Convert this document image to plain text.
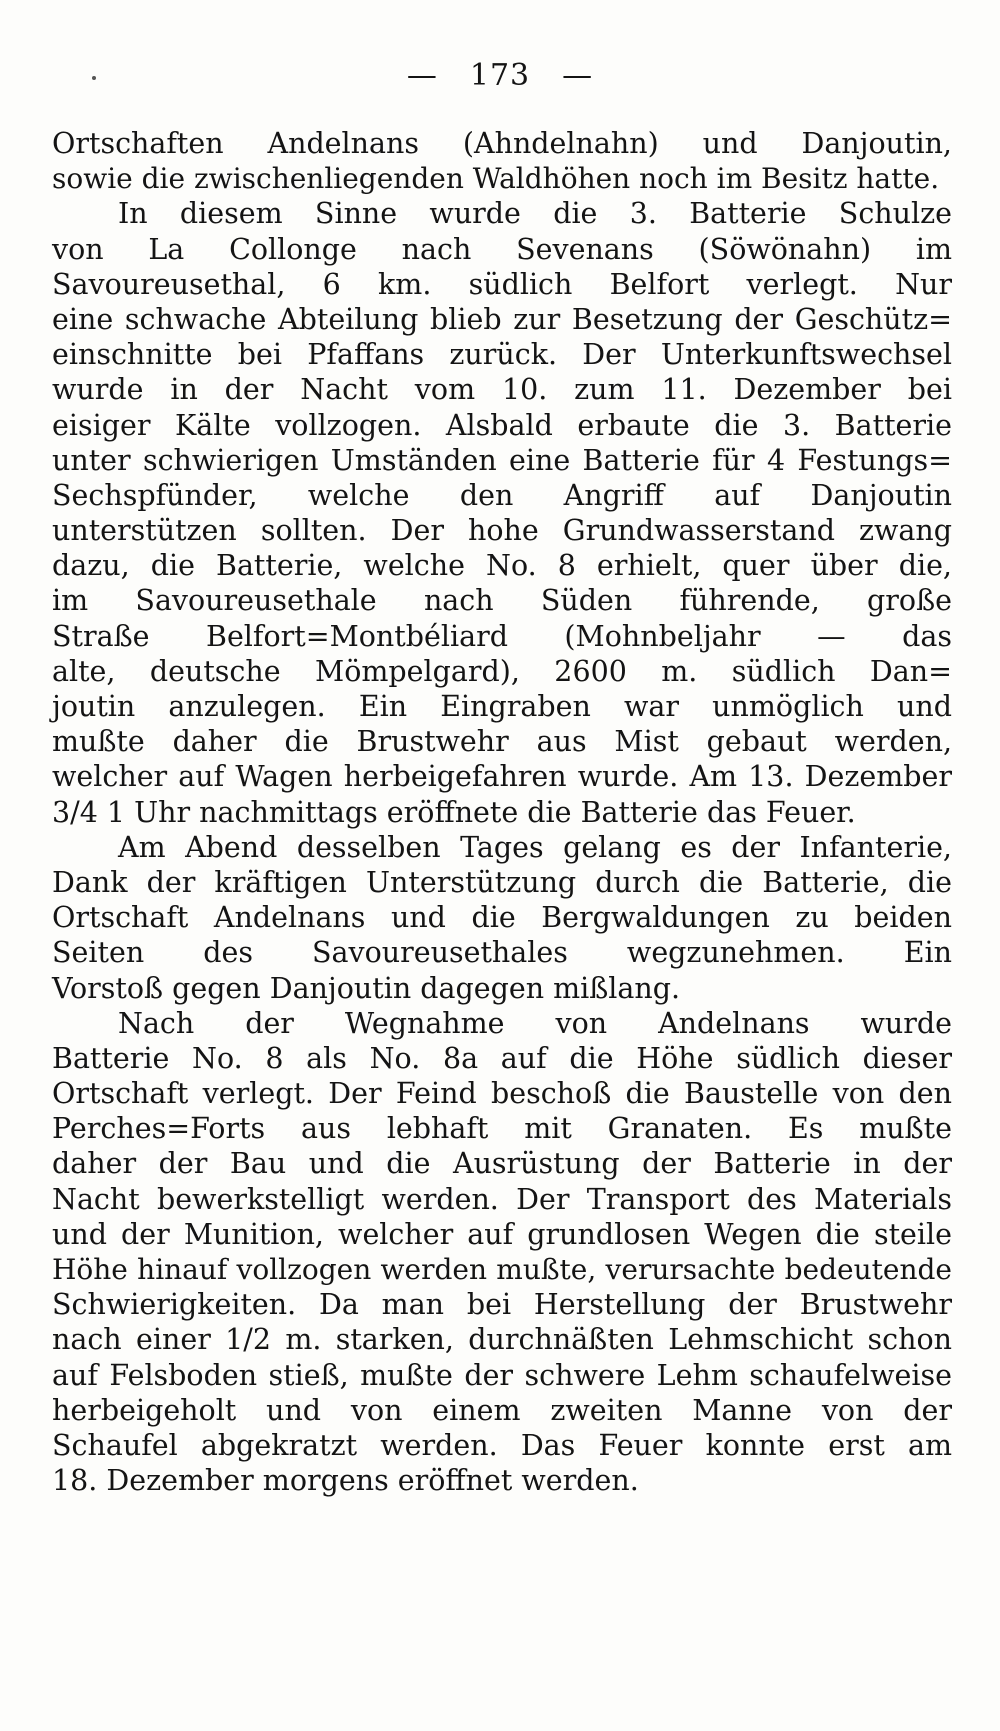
— 173 —
Ortschaften Andelnans (Ahndelnahn) und Danjoutin,
sowie die zwischenliegenden Waldhöhen noch im Besitz hatte.
In diesem Sinne wurde die 3. Batterie Schulze
von La Collonge nach Sevenans (Söwönahn) im
Savoureusethal, 6 km. südlich Belfort verlegt. Nur
eine schwache Abteilung blieb zur Besetzung der Geschütz=
einschnitte bei Pfaffans zurück. Der Unterkunftswechsel
wurde in der Nacht vom 10. zum 11. Dezember bei
eisiger Kälte vollzogen. Alsbald erbaute die 3. Batterie
unter schwierigen Umständen eine Batterie für 4 Festungs=
Sechspfünder, welche den Angriff auf Danjoutin
unterstützen sollten. Der hohe Grundwasserstand zwang
dazu, die Batterie, welche No. 8 erhielt, quer über die,
im Savoureusethale nach Süden führende, große
Straße Belfort=Montbéliard (Mohnbeljahr — das
alte, deutsche Mömpelgard), 2600 m. südlich Dan=
joutin anzulegen. Ein Eingraben war unmöglich und
mußte daher die Brustwehr aus Mist gebaut werden,
welcher auf Wagen herbeigefahren wurde. Am 13. Dezember
3/4 1 Uhr nachmittags eröffnete die Batterie das Feuer.
Am Abend desselben Tages gelang es der Infanterie,
Dank der kräftigen Unterstützung durch die Batterie, die
Ortschaft Andelnans und die Bergwaldungen zu beiden
Seiten des Savoureusethales wegzunehmen. Ein
Vorstoß gegen Danjoutin dagegen mißlang.
Nach der Wegnahme von Andelnans wurde
Batterie No. 8 als No. 8a auf die Höhe südlich dieser
Ortschaft verlegt. Der Feind beschoß die Baustelle von den
Perches=Forts aus lebhaft mit Granaten. Es mußte
daher der Bau und die Ausrüstung der Batterie in der
Nacht bewerkstelligt werden. Der Transport des Materials
und der Munition, welcher auf grundlosen Wegen die steile
Höhe hinauf vollzogen werden mußte, verursachte bedeutende
Schwierigkeiten. Da man bei Herstellung der Brustwehr
nach einer 1/2 m. starken, durchnäßten Lehmschicht schon
auf Felsboden stieß, mußte der schwere Lehm schaufelweise
herbeigeholt und von einem zweiten Manne von der
Schaufel abgekratzt werden. Das Feuer konnte erst am
18. Dezember morgens eröffnet werden.
